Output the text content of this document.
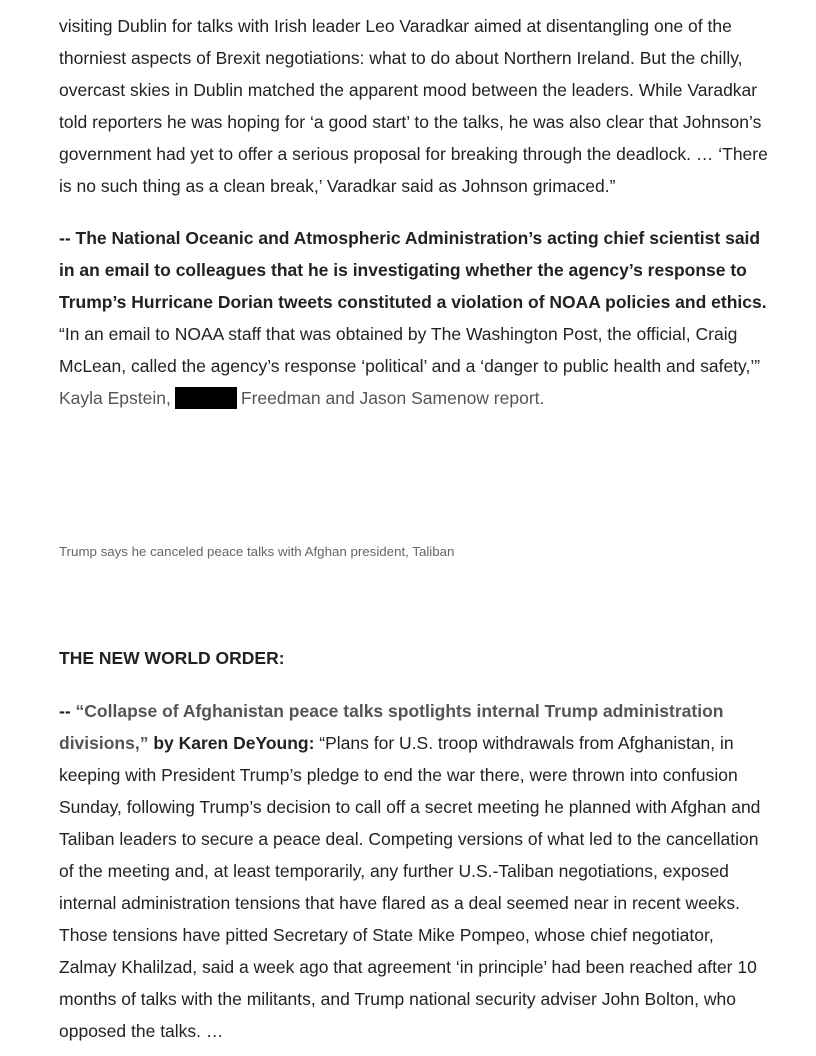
visiting Dublin for talks with Irish leader Leo Varadkar aimed at disentangling one of the thorniest aspects of Brexit negotiations: what to do about Northern Ireland. But the chilly, overcast skies in Dublin matched the apparent mood between the leaders. While Varadkar told reporters he was hoping for ‘a good start’ to the talks, he was also clear that Johnson’s government had yet to offer a serious proposal for breaking through the deadlock. … ‘There is no such thing as a clean break,’ Varadkar said as Johnson grimaced.”

-- The National Oceanic and Atmospheric Administration’s acting chief scientist said in an email to colleagues that he is investigating whether the agency’s response to Trump’s Hurricane Dorian tweets constituted a violation of NOAA policies and ethics. “In an email to NOAA staff that was obtained by The Washington Post, the official, Craig McLean, called the agency’s response ‘political’ and a ‘danger to public health and safety,’” Kayla Epstein,	Freedman and Jason Samenow report.

Trump says he canceled peace talks with Afghan president, Taliban
THE NEW WORLD ORDER:

-- “Collapse of Afghanistan peace talks spotlights internal Trump administration divisions,” by Karen DeYoung: “Plans for U.S. troop withdrawals from Afghanistan, in keeping with President Trump’s pledge to end the war there, were thrown into confusion Sunday, following Trump’s decision to call off a secret meeting he planned with Afghan and Taliban leaders to secure a peace deal. Competing versions of what led to the cancellation of the meeting and, at least temporarily, any further U.S.-Taliban negotiations, exposed internal administration tensions that have flared as a deal seemed near in recent weeks. Those tensions have pitted Secretary of State Mike Pompeo, whose chief negotiator, Zalmay Khalilzad, said a week ago that agreement ‘in principle’ had been reached after 10 months of talks with the militants, and Trump national security adviser John Bolton, who opposed the talks. …
